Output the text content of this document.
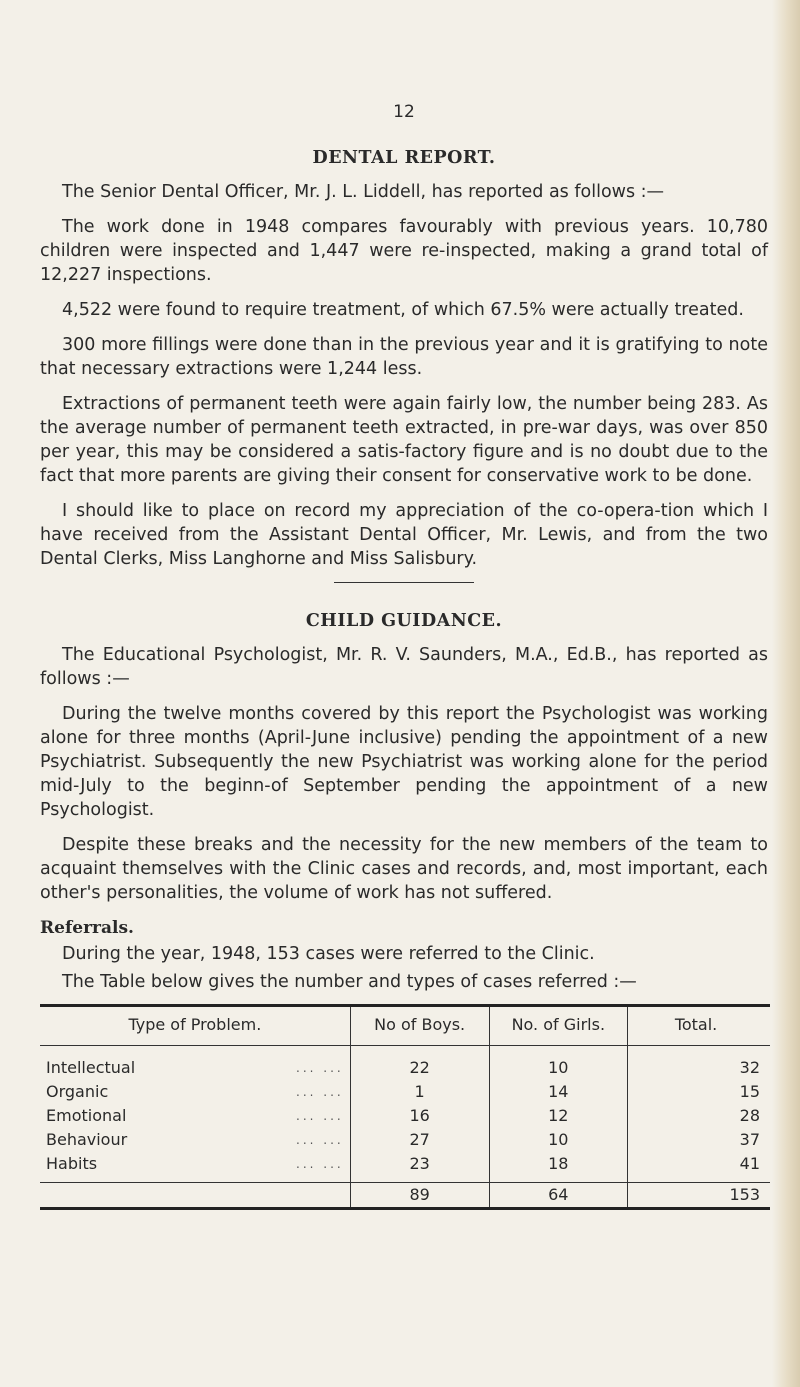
12
DENTAL REPORT.

The Senior Dental Officer, Mr. J. L. Liddell, has reported as follows :—

The work done in 1948 compares favourably with previous years. 10,780 children were inspected and 1,447 were re-inspected, making a grand total of 12,227 inspections.

4,522 were found to require treatment, of which 67.5% were actually treated.

300 more fillings were done than in the previous year and it is gratifying to note that necessary extractions were 1,244 less.

Extractions of permanent teeth were again fairly low, the number being 283. As the average number of permanent teeth extracted, in pre-war days, was over 850 per year, this may be considered a satis-factory figure and is no doubt due to the fact that more parents are giving their consent for conservative work to be done.

I should like to place on record my appreciation of the co-opera-tion which I have received from the Assistant Dental Officer, Mr. Lewis, and from the two Dental Clerks, Miss Langhorne and Miss Salisbury.

CHILD GUIDANCE.

The Educational Psychologist, Mr. R. V. Saunders, M.A., Ed.B., has reported as follows :—

During the twelve months covered by this report the Psychologist was working alone for three months (April-June inclusive) pending the appointment of a new Psychiatrist. Subsequently the new Psychiatrist was working alone for the period mid-July to the beginn-of September pending the appointment of a new Psychologist.

Despite these breaks and the necessity for the new members of the team to acquaint themselves with the Clinic cases and records, and, most important, each other's personalities, the volume of work has not suffered.

Referrals.

During the year, 1948, 153 cases were referred to the Clinic.

The Table below gives the number and types of cases referred :—

Type of Problem.	No of Boys.	No. of Girls.	Total.

Intellectual ... ...	22	10	32

Organic ... ...	1	14	15

Emotional ... ...	16	12	28

Behaviour ... ...	27	10	37

Habits ... ...	23	18	41
	89	64	153
